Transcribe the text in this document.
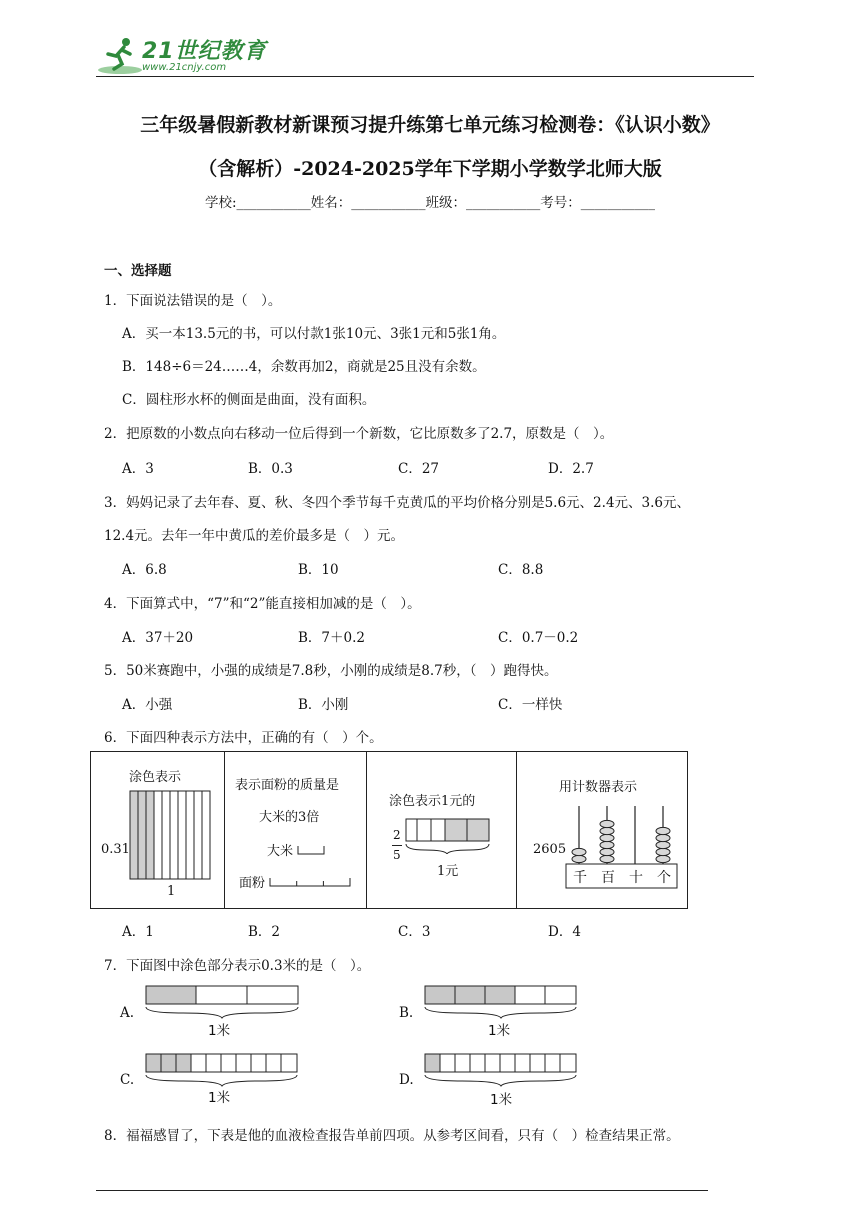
21世纪教育
www.21cnjy.com
三年级暑假新教材新课预习提升练第七单元练习检测卷：《认识小数》
（含解析）-2024-2025学年下学期小学数学北师大版
学校:___________姓名：___________班级：___________考号：___________
一、选择题
1．下面说法错误的是（　）。
A．买一本13.5元的书，可以付款1张10元、3张1元和5张1角。
B．148÷6＝24……4，余数再加2，商就是25且没有余数。
C．圆柱形水杯的侧面是曲面，没有面积。
2．把原数的小数点向右移动一位后得到一个新数，它比原数多了2.7，原数是（　）。
A．3	B．0.3	C．27	D．2.7
3．妈妈记录了去年春、夏、秋、冬四个季节每千克黄瓜的平均价格分别是5.6元、2.4元、3.6元、
12.4元。去年一年中黄瓜的差价最多是（　）元。
A．6.8	B．10	C．8.8
4．下面算式中，“7”和“2”能直接相加减的是（　）。
A．37＋20	B．7＋0.2	C．0.7－0.2
5．50米赛跑中，小强的成绩是7.8秒，小刚的成绩是8.7秒，（　）跑得快。
A．小强	B．小刚	C．一样快
6．下面四种表示方法中，正确的有（　）个。
涂色表示
0.31
1
表示面粉的质量是
大米的3倍
大米
面粉
涂色表示1元的
2
5
1元
用计数器表示
2605
千 百 十 个
A．1	B．2	C．3	D．4
7．下面图中涂色部分表示0.3米的是（　）。
A.
1米
B.
1米
C.
1米
D.
1米
8．福福感冒了，下表是他的血液检查报告单前四项。从参考区间看，只有（　）检查结果正常。
